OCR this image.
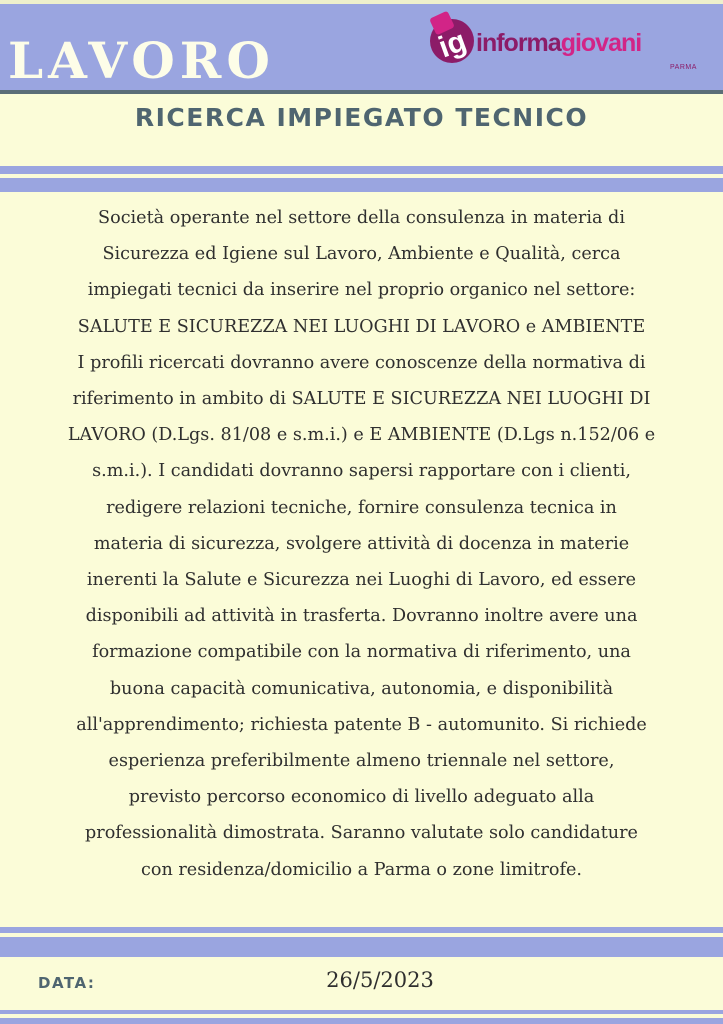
LAVORO	ig informagiovani
PARMA
RICERCA IMPIEGATO TECNICO
Società operante nel settore della consulenza in materia di
Sicurezza ed Igiene sul Lavoro, Ambiente e Qualità, cerca
impiegati tecnici da inserire nel proprio organico nel settore:
SALUTE E SICUREZZA NEI LUOGHI DI LAVORO e AMBIENTE
I profili ricercati dovranno avere conoscenze della normativa di
riferimento in ambito di SALUTE E SICUREZZA NEI LUOGHI DI
LAVORO (D.Lgs. 81/08 e s.m.i.) e E AMBIENTE (D.Lgs n.152/06 e
s.m.i.). I candidati dovranno sapersi rapportare con i clienti,
redigere relazioni tecniche, fornire consulenza tecnica in
materia di sicurezza, svolgere attività di docenza in materie
inerenti la Salute e Sicurezza nei Luoghi di Lavoro, ed essere
disponibili ad attività in trasferta. Dovranno inoltre avere una
formazione compatibile con la normativa di riferimento, una
buona capacità comunicativa, autonomia, e disponibilità
all'apprendimento; richiesta patente B - automunito. Si richiede
esperienza preferibilmente almeno triennale nel settore,
previsto percorso economico di livello adeguato alla
professionalità dimostrata. Saranno valutate solo candidature
con residenza/domicilio a Parma o zone limitrofe.
DATA:	26/5/2023
